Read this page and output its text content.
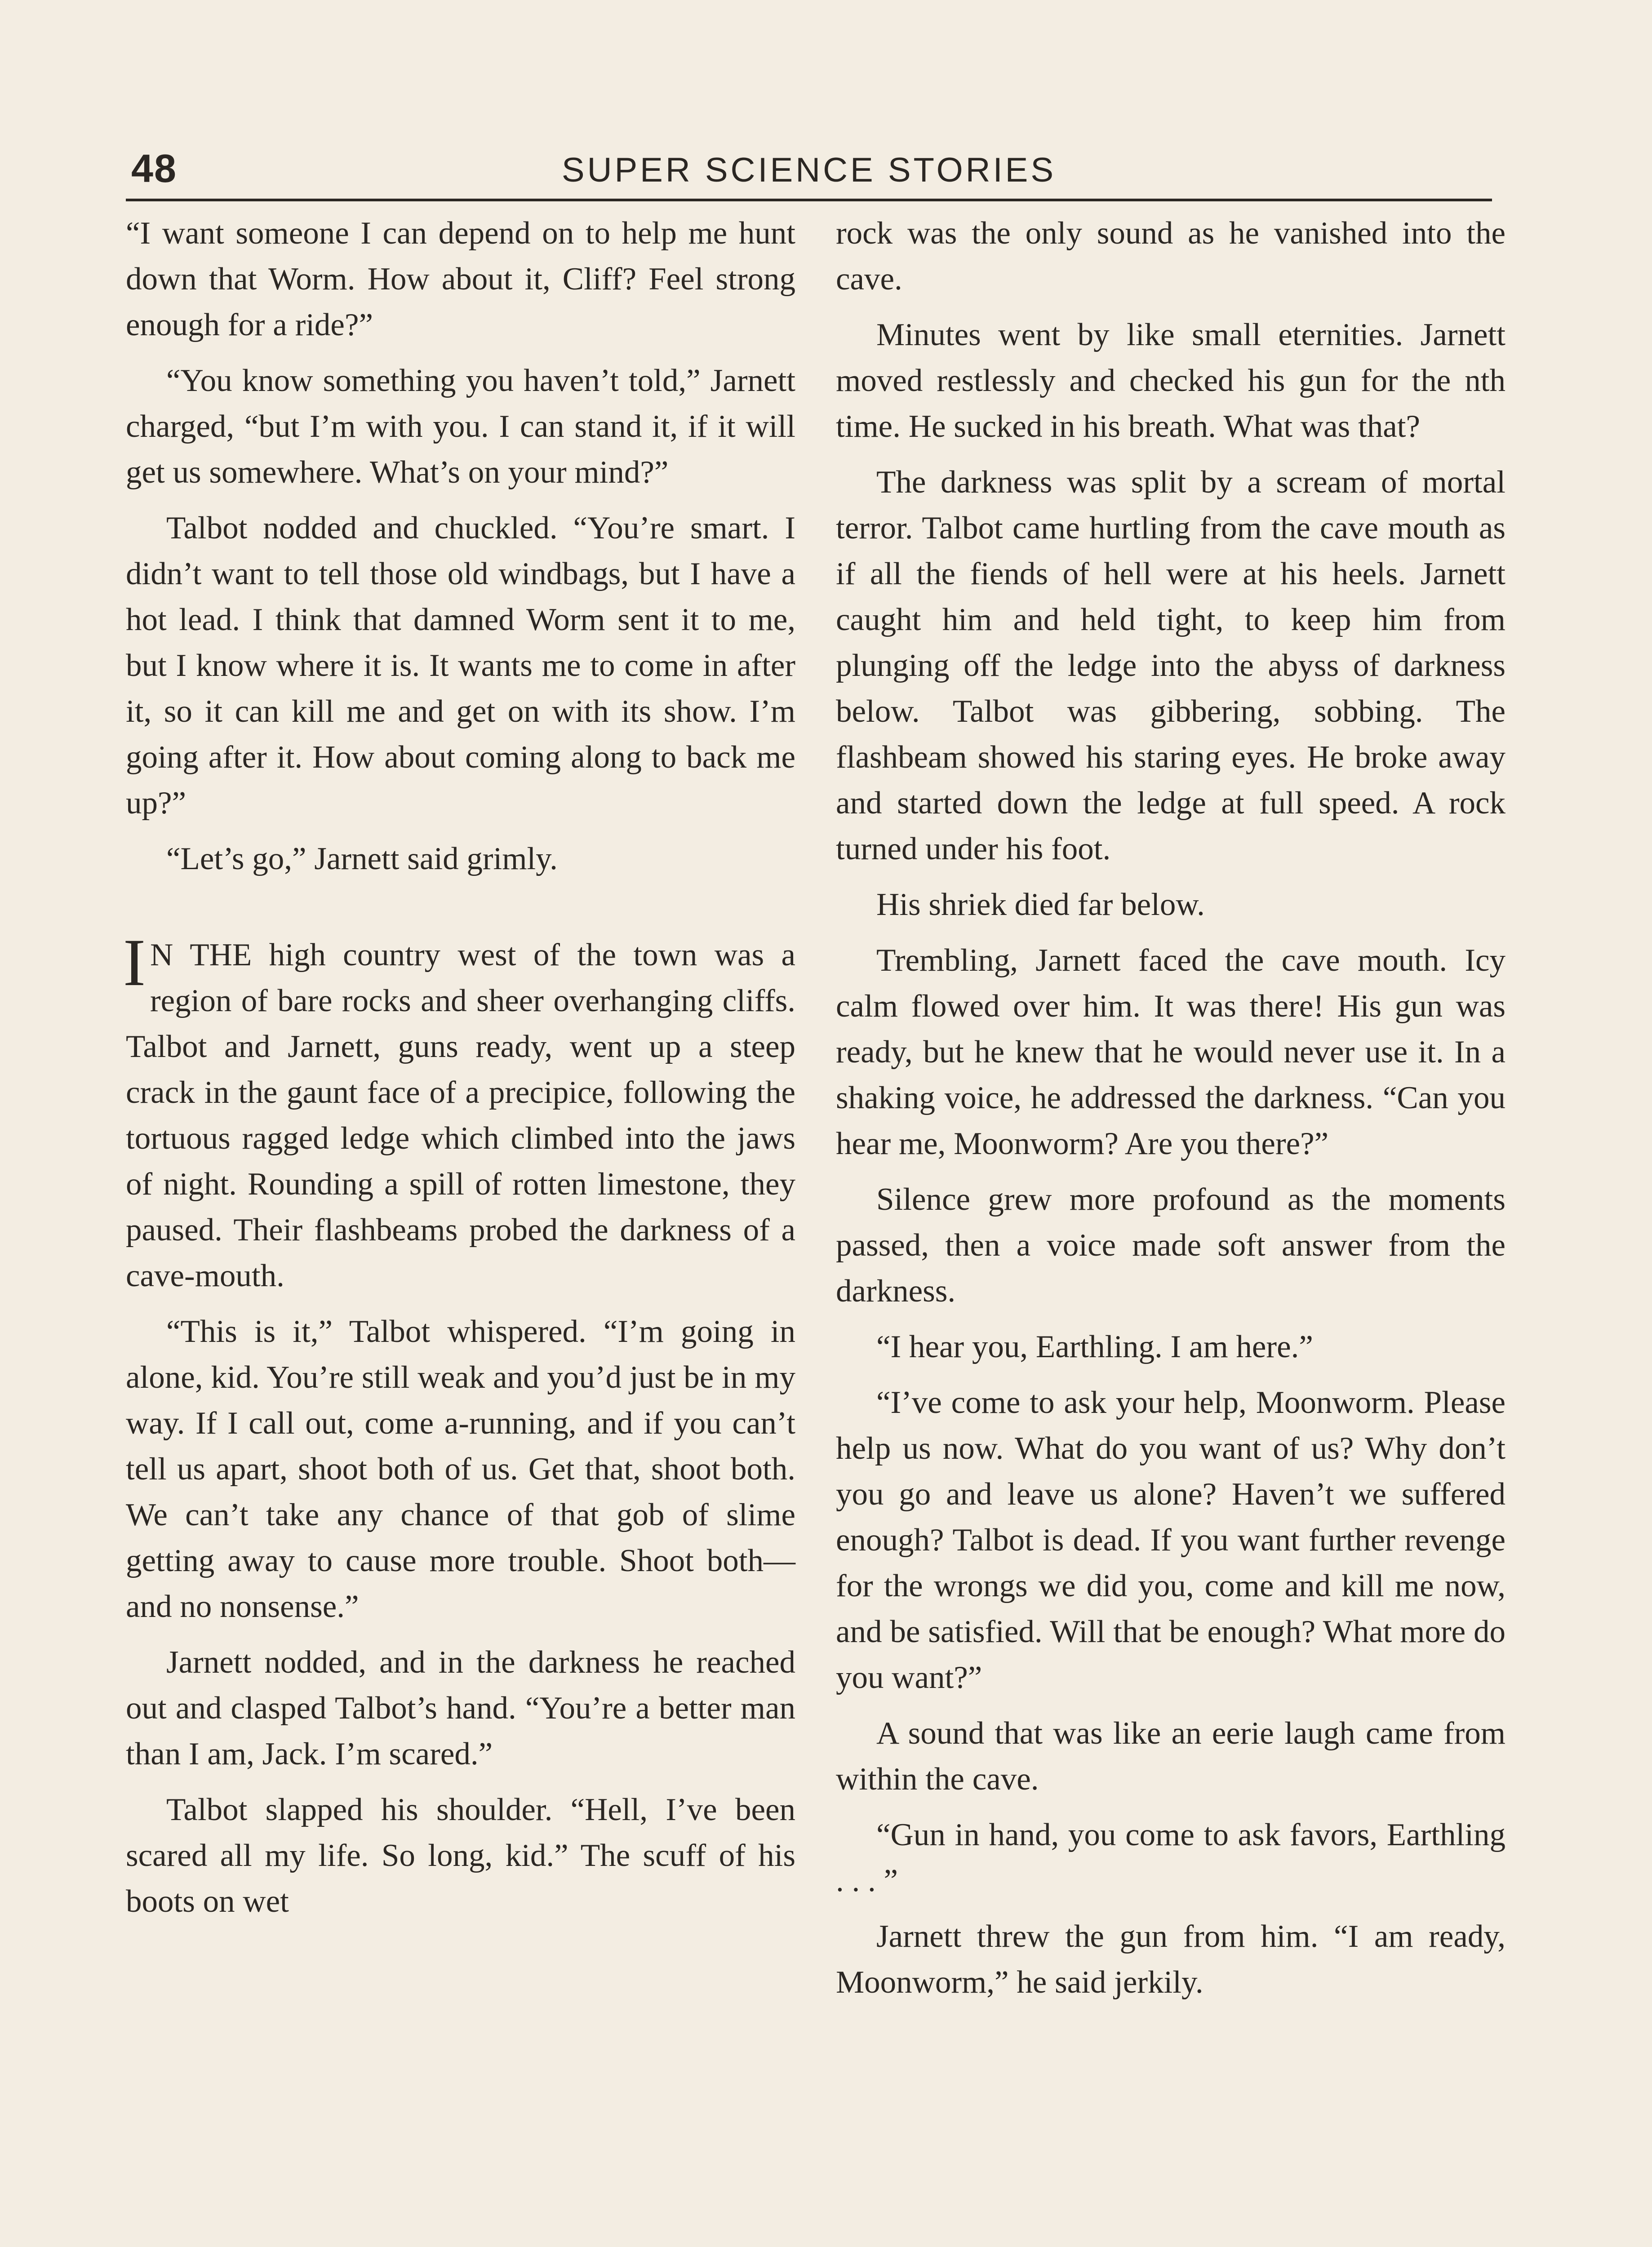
48	SUPER SCIENCE STORIES

“I want someone I can depend on to help me hunt down that Worm. How about it, Cliff? Feel strong enough for a ride?”

“You know something you haven’t told,” Jarnett charged, “but I’m with you. I can stand it, if it will get us somewhere. What’s on your mind?”

Talbot nodded and chuckled. “You’re smart. I didn’t want to tell those old windbags, but I have a hot lead. I think that damned Worm sent it to me, but I know where it is. It wants me to come in after it, so it can kill me and get on with its show. I’m going after it. How about coming along to back me up?”

“Let’s go,” Jarnett said grimly.

I N THE high country west of the town was a region of bare rocks and sheer overhanging cliffs. Talbot and Jarnett, guns ready, went up a steep crack in the gaunt face of a precipice, following the tortuous ragged ledge which climbed into the jaws of night. Rounding a spill of rotten limestone, they paused. Their flashbeams probed the darkness of a cave-mouth.

“This is it,” Talbot whispered. “I’m going in alone, kid. You’re still weak and you’d just be in my way. If I call out, come a-running, and if you can’t tell us apart, shoot both of us. Get that, shoot both. We can’t take any chance of that gob of slime getting away to cause more trouble. Shoot both—and no nonsense.”

Jarnett nodded, and in the darkness he reached out and clasped Talbot’s hand. “You’re a better man than I am, Jack. I’m scared.”

Talbot slapped his shoulder. “Hell, I’ve been scared all my life. So long, kid.” The scuff of his boots on wet

rock was the only sound as he vanished into the cave.

Minutes went by like small eternities. Jarnett moved restlessly and checked his gun for the nth time. He sucked in his breath. What was that?

The darkness was split by a scream of mortal terror. Talbot came hurtling from the cave mouth as if all the fiends of hell were at his heels. Jarnett caught him and held tight, to keep him from plunging off the ledge into the abyss of darkness below. Talbot was gibbering, sobbing. The flashbeam showed his staring eyes. He broke away and started down the ledge at full speed. A rock turned under his foot.

His shriek died far below.

Trembling, Jarnett faced the cave mouth. Icy calm flowed over him. It was there! His gun was ready, but he knew that he would never use it. In a shaking voice, he addressed the darkness. “Can you hear me, Moonworm? Are you there?”

Silence grew more profound as the moments passed, then a voice made soft answer from the darkness.

“I hear you, Earthling. I am here.”

“I’ve come to ask your help, Moonworm. Please help us now. What do you want of us? Why don’t you go and leave us alone? Haven’t we suffered enough? Talbot is dead. If you want further revenge for the wrongs we did you, come and kill me now, and be satisfied. Will that be enough? What more do you want?”

A sound that was like an eerie laugh came from within the cave.

“Gun in hand, you come to ask favors, Earthling . . . ”

Jarnett threw the gun from him. “I am ready, Moonworm,” he said jerkily.
